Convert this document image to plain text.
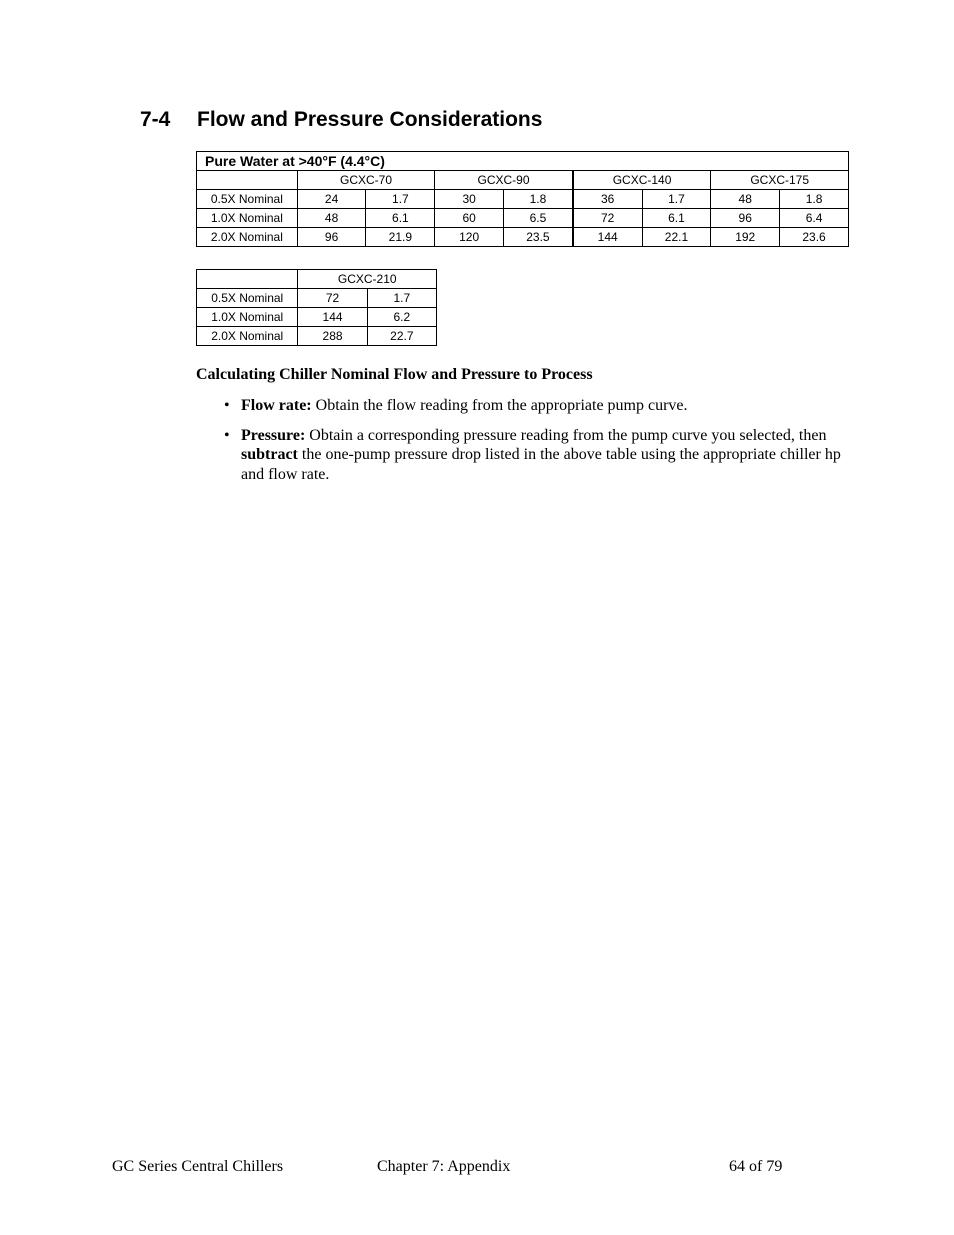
7-4 Flow and Pressure Considerations
Pure Water at >40°F (4.4°C)								
	GCXC-70		GCXC-90		GCXC-140		GCXC-175	
0.5X Nominal	24	1.7	30	1.8	36	1.7	48	1.8
1.0X Nominal	48	6.1	60	6.5	72	6.1	96	6.4
2.0X Nominal	96	21.9	120	23.5	144	22.1	192	23.6
	GCXC-210	
0.5X Nominal	72	1.7
1.0X Nominal	144	6.2
2.0X Nominal	288	22.7
Calculating Chiller Nominal Flow and Pressure to Process
• Flow rate: Obtain the flow reading from the appropriate pump curve.
• Pressure: Obtain a corresponding pressure reading from the pump curve you selected, then subtract the one-pump pressure drop listed in the above table using the appropriate chiller hp and flow rate.
GC Series Central Chillers	Chapter 7: Appendix	64 of 79
